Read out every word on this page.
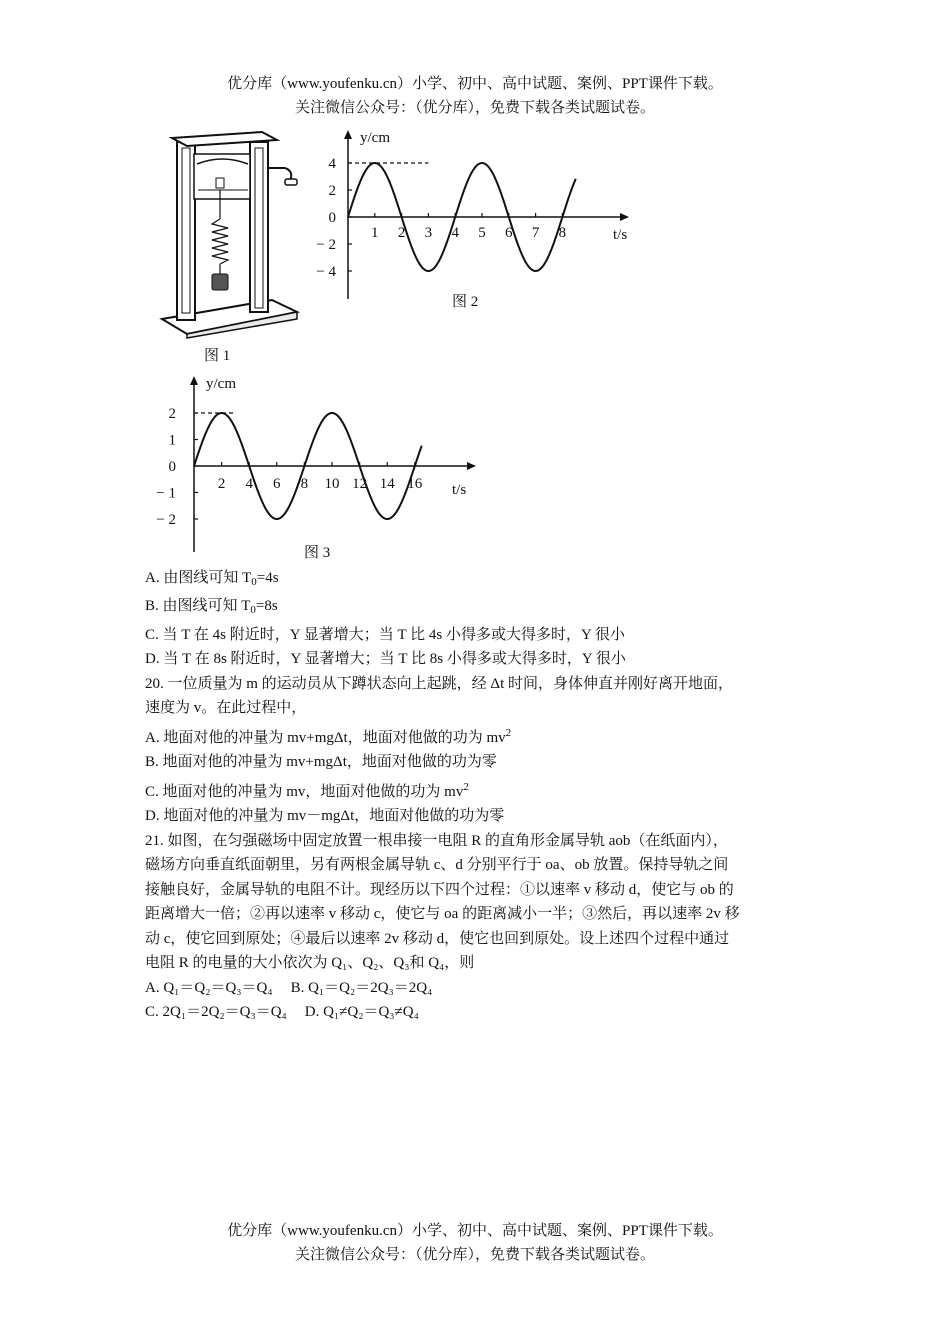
优分库（www.youfenku.cn）小学、初中、高中试题、案例、PPT课件下载。
关注微信公众号：（优分库），免费下载各类试题试卷。
图 1
1 2 3 4 5 6 7 8
4
2
0
− 2
− 4
y/cm
t/s
图 2
2 4 6 8 10 12 14 16
2
1
0
− 1
− 2
y/cm
t/s
图 3
A. 由图线可知 $T_0=4s$
B. 由图线可知 $T_0=8s$
C. 当 T 在 4s 附近时，Y 显著增大；当 T 比 4s 小得多或大得多时，Y 很小
D. 当 T 在 8s 附近时，Y 显著增大；当 T 比 8s 小得多或大得多时，Y 很小
20. 一位质量为 m 的运动员从下蹲状态向上起跳，经 Δt 时间，身体伸直并刚好离开地面，
速度为 v。在此过程中，
A. 地面对他的冲量为 mv+mgΔt，地面对他做的功为 $mv^2$
B. 地面对他的冲量为 mv+mgΔt，地面对他做的功为零
C. 地面对他的冲量为 mv，地面对他做的功为 $mv^2$
D. 地面对他的冲量为 mv－mgΔt，地面对他做的功为零
21. 如图，在匀强磁场中固定放置一根串接一电阻 R 的直角形金属导轨 aob（在纸面内），
磁场方向垂直纸面朝里，另有两根金属导轨 c、d 分别平行于 oa、ob 放置。保持导轨之间
接触良好，金属导轨的电阻不计。现经历以下四个过程：①以速率 v 移动 d，使它与 ob 的
距离增大一倍；②再以速率 v 移动 c，使它与 oa 的距离减小一半；③然后，再以速率 2v 移
动 c，使它回到原处；④最后以速率 2v 移动 d，使它也回到原处。设上述四个过程中通过
电阻 R 的电量的大小依次为 Q₁、Q₂、Q₃和 Q₄，则
A. Q₁＝Q₂＝Q₃＝Q₄ B. Q₁＝Q₂＝2Q₃＝2Q₄
C. 2Q₁＝2Q₂＝Q₃＝Q₄ D. Q₁≠Q₂＝Q₃≠Q₄
优分库（www.youfenku.cn）小学、初中、高中试题、案例、PPT课件下载。
关注微信公众号：（优分库），免费下载各类试题试卷。
